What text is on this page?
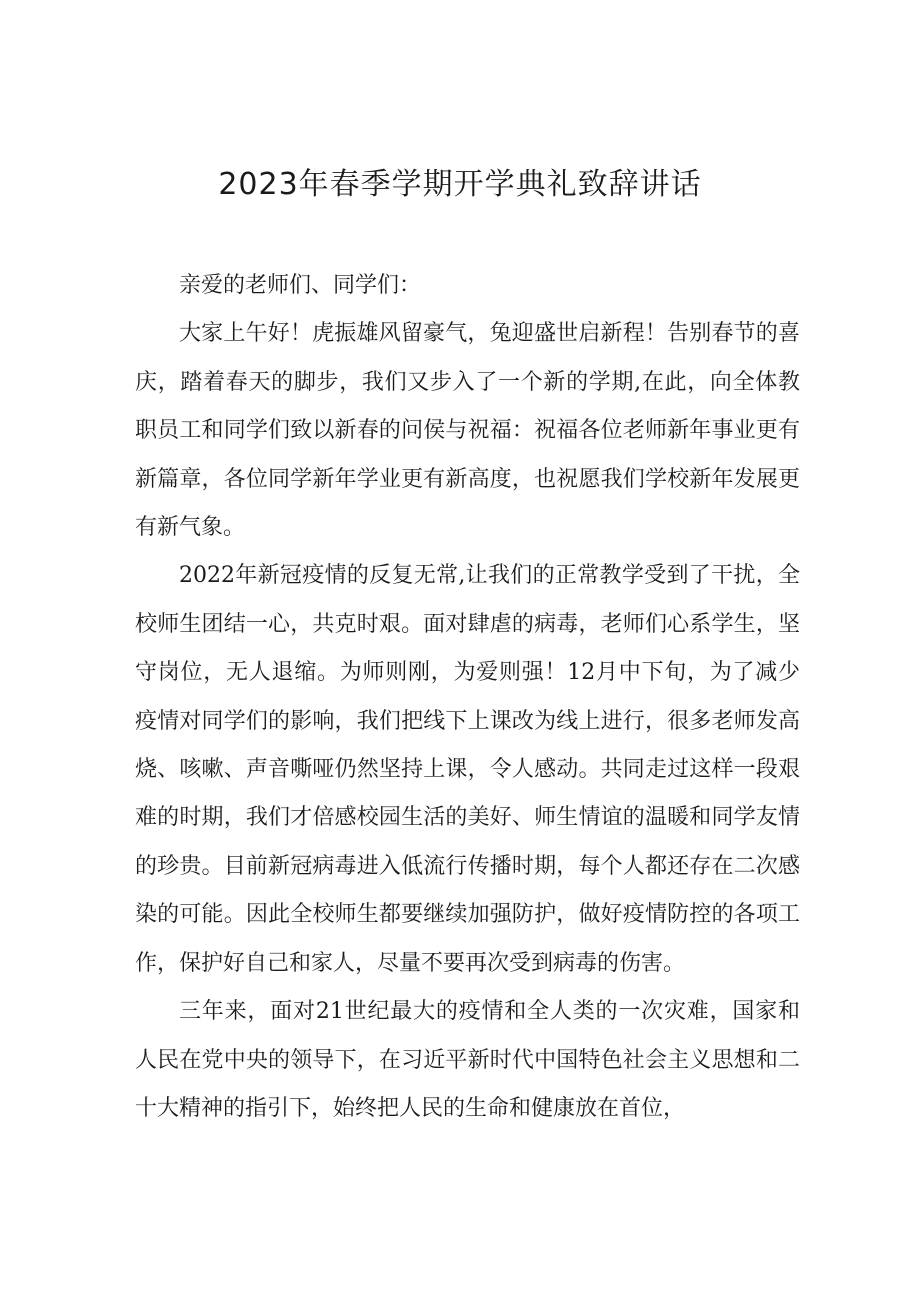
2023年春季学期开学典礼致辞讲话

亲爱的老师们、同学们：

大家上午好！虎振雄风留豪气，兔迎盛世启新程！告别春节的喜庆，踏着春天的脚步，我们又步入了一个新的学期,在此，向全体教职员工和同学们致以新春的问侯与祝福：祝福各位老师新年事业更有新篇章，各位同学新年学业更有新高度，也祝愿我们学校新年发展更有新气象。

2022年新冠疫情的反复无常,让我们的正常教学受到了干扰，全校师生团结一心，共克时艰。面对肆虐的病毒，老师们心系学生，坚守岗位，无人退缩。为师则刚，为爱则强！12月中下旬，为了减少疫情对同学们的影响，我们把线下上课改为线上进行，很多老师发高烧、咳嗽、声音嘶哑仍然坚持上课，令人感动。共同走过这样一段艰难的时期，我们才倍感校园生活的美好、师生情谊的温暖和同学友情的珍贵。目前新冠病毒进入低流行传播时期，每个人都还存在二次感染的可能。因此全校师生都要继续加强防护，做好疫情防控的各项工作，保护好自己和家人，尽量不要再次受到病毒的伤害。

三年来，面对21世纪最大的疫情和全人类的一次灾难，国家和人民在党中央的领导下，在习近平新时代中国特色社会主义思想和二十大精神的指引下，始终把人民的生命和健康放在首位，
